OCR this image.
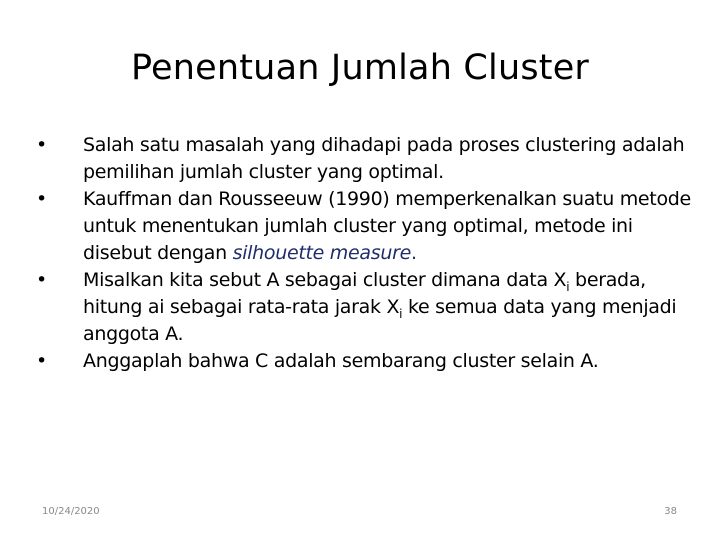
Penentuan Jumlah Cluster
• Salah satu masalah yang dihadapi pada proses clustering adalah pemilihan jumlah cluster yang optimal.
• Kauffman dan Rousseeuw (1990) memperkenalkan suatu metode untuk menentukan jumlah cluster yang optimal, metode ini disebut dengan silhouette measure.
• Misalkan kita sebut A sebagai cluster dimana data $X_i$ berada, hitung ai sebagai rata-rata jarak $X_i$ ke semua data yang menjadi anggota A.
• Anggaplah bahwa C adalah sembarang cluster selain A.
10/24/2020	38
